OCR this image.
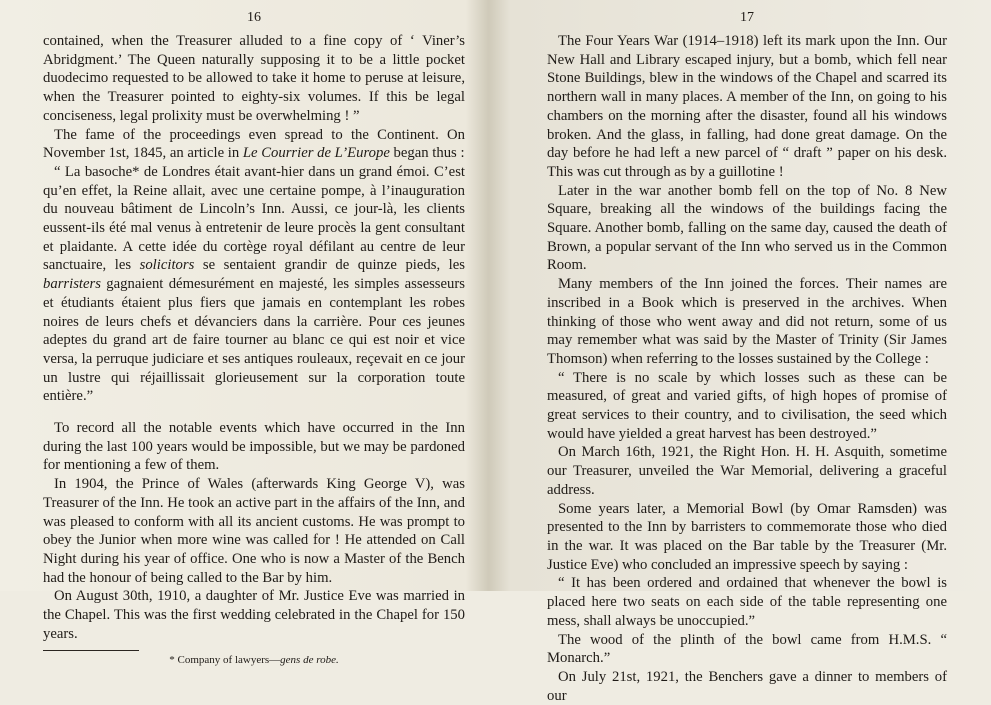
16

contained, when the Treasurer alluded to a fine copy of ‘ Viner’s Abridgment.’ The Queen naturally supposing it to be a little pocket duodecimo requested to be allowed to take it home to peruse at leisure, when the Treasurer pointed to eighty-six volumes. If this be legal conciseness, legal prolixity must be overwhelming ! ”

The fame of the proceedings even spread to the Continent. On November 1st, 1845, an article in Le Courrier de L’Europe began thus :

“ La basoche* de Londres était avant-hier dans un grand émoi. C’est qu’en effet, la Reine allait, avec une certaine pompe, à l’inauguration du nouveau bâtiment de Lincoln’s Inn. Aussi, ce jour-là, les clients eussent-ils été mal venus à entretenir de leure procès la gent consultant et plaidante. A cette idée du cortège royal défilant au centre de leur sanctuaire, les solicitors se sentaient grandir de quinze pieds, les barristers gagnaient démesurément en majesté, les simples assesseurs et étudiants étaient plus fiers que jamais en contemplant les robes noires de leurs chefs et dévanciers dans la carrière. Pour ces jeunes adeptes du grand art de faire tourner au blanc ce qui est noir et vice versa, la perruque judiciare et ses antiques rouleaux, reçevait en ce jour un lustre qui réjaillissait glorieusement sur la corporation toute entière.”

To record all the notable events which have occurred in the Inn during the last 100 years would be impossible, but we may be pardoned for mentioning a few of them.

In 1904, the Prince of Wales (afterwards King George V), was Treasurer of the Inn. He took an active part in the affairs of the Inn, and was pleased to conform with all its ancient customs. He was prompt to obey the Junior when more wine was called for ! He attended on Call Night during his year of office. One who is now a Master of the Bench had the honour of being called to the Bar by him.

On August 30th, 1910, a daughter of Mr. Justice Eve was married in the Chapel. This was the first wedding celebrated in the Chapel for 150 years.

* Company of lawyers—gens de robe.
17

The Four Years War (1914–1918) left its mark upon the Inn. Our New Hall and Library escaped injury, but a bomb, which fell near Stone Buildings, blew in the windows of the Chapel and scarred its northern wall in many places. A member of the Inn, on going to his chambers on the morning after the disaster, found all his windows broken. And the glass, in falling, had done great damage. On the day before he had left a new parcel of “ draft ” paper on his desk. This was cut through as by a guillotine !

Later in the war another bomb fell on the top of No. 8 New Square, breaking all the windows of the buildings facing the Square. Another bomb, falling on the same day, caused the death of Brown, a popular servant of the Inn who served us in the Common Room.

Many members of the Inn joined the forces. Their names are inscribed in a Book which is preserved in the archives. When thinking of those who went away and did not return, some of us may remember what was said by the Master of Trinity (Sir James Thomson) when referring to the losses sustained by the College :

“ There is no scale by which losses such as these can be measured, of great and varied gifts, of high hopes of promise of great services to their country, and to civilisation, the seed which would have yielded a great harvest has been destroyed.”

On March 16th, 1921, the Right Hon. H. H. Asquith, sometime our Treasurer, unveiled the War Memorial, delivering a graceful address.

Some years later, a Memorial Bowl (by Omar Ramsden) was presented to the Inn by barristers to commemorate those who died in the war. It was placed on the Bar table by the Treasurer (Mr. Justice Eve) who concluded an impressive speech by saying :

“ It has been ordered and ordained that whenever the bowl is placed here two seats on each side of the table representing one mess, shall always be unoccupied.”

The wood of the plinth of the bowl came from H.M.S. “ Monarch.”

On July 21st, 1921, the Benchers gave a dinner to members of our
